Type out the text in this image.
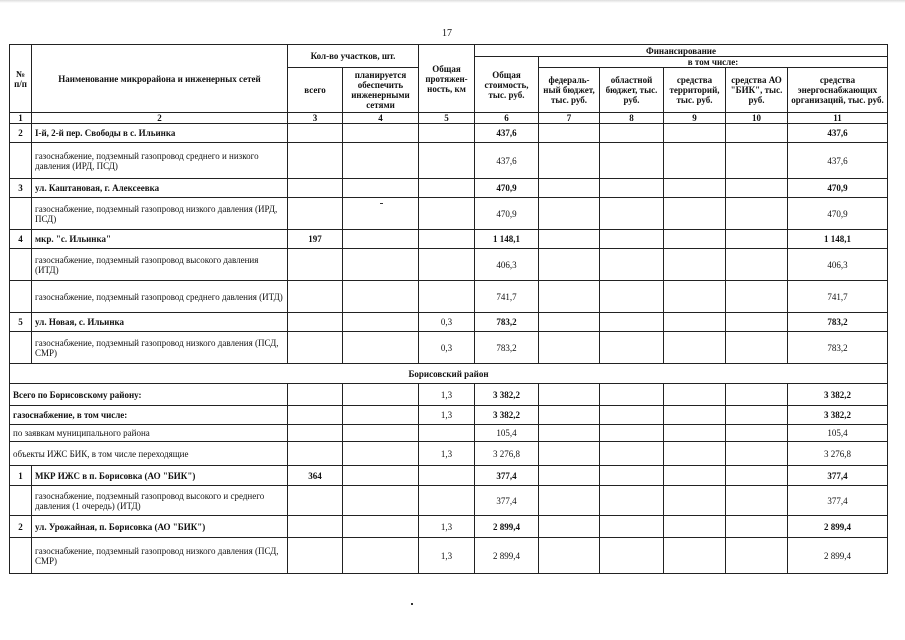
17
№ п/п	Наименование микрорайона и инженерных сетей	Кол-во участков, шт.		Общая протяжен-ность, км	Финансирование					
					Общая стоимость, тыс. руб.	в том числе:				
		всего	планируется обеспечить инженерными сетями			федераль-ный бюджет, тыс. руб.	областной бюджет, тыс. руб.	средства территорий, тыс. руб.	средства АО "БИК", тыс. руб.	средства энергоснабжающих организаций, тыс. руб.
1	2	3	4	5	6	7	8	9	10	11
2	I-й, 2-й пер. Свободы в с. Ильинка				437,6					437,6
	газоснабжение, подземный газопровод среднего и низкого давления (ИРД, ПСД)				437,6					437,6
3	ул. Каштановая, г. Алексеевка				470,9					470,9
	газоснабжение, подземный газопровод низкого давления (ИРД, ПСД)				470,9					470,9
4	мкр. "с. Ильинка"	197			1 148,1					1 148,1
	газоснабжение, подземный газопровод высокого давления (ИТД)				406,3					406,3
	газоснабжение, подземный газопровод среднего давления (ИТД)				741,7					741,7
5	ул. Новая, с. Ильинка			0,3	783,2					783,2
	газоснабжение, подземный газопровод низкого давления (ПСД, СМР)			0,3	783,2					783,2
Борисовский район										
Всего по Борисовскому району:				1,3	3 382,2					3 382,2
газоснабжение, в том числе:				1,3	3 382,2					3 382,2
по заявкам муниципального района					105,4					105,4
объекты ИЖС БИК, в том числе переходящие				1,3	3 276,8					3 276,8
1	МКР ИЖС в п. Борисовка (АО "БИК")	364			377,4					377,4
	газоснабжение, подземный газопровод высокого и среднего давления (1 очередь) (ИТД)				377,4					377,4
2	ул. Урожайная, п. Борисовка (АО "БИК")			1,3	2 899,4					2 899,4
	газоснабжение, подземный газопровод низкого давления (ПСД, СМР)			1,3	2 899,4					2 899,4
